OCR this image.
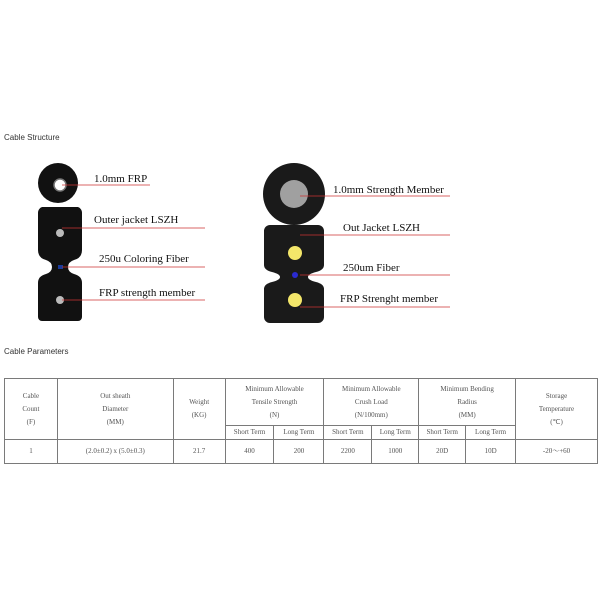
Cable Structure
1.0mm FRP
Outer jacket LSZH
250u Coloring Fiber
FRP strength member
1.0mm Strength Member
Out Jacket LSZH
250um Fiber
FRP Strenght member
Cable Parameters
Cable
Count
(F)	Out sheath
Diameter
(MM)	Weight
(KG)	Minimum Allowable
Tensile Strength
(N)		Minimum Allowable
Crush Load
(N/100mm)		Minimum Bending
Radius
(MM)		Storage
Temperature
(℃)
			Short Term	Long Term	Short Term	Long Term	Short Term	Long Term	
1	(2.0±0.2) x (5.0±0.3)	21.7	400	200	2200	1000	20D	10D	-20～+60
